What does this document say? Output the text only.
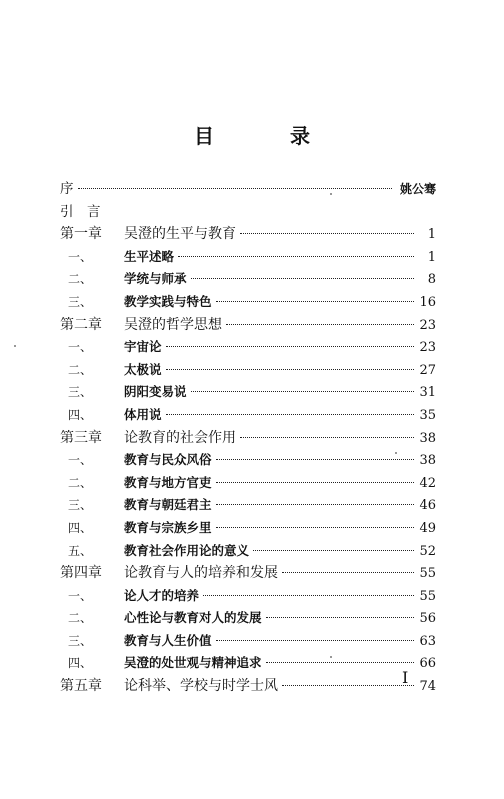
目　录
序	姚公骞
引　言
第一章	吴澄的生平与教育	1
一、	生平述略	1
二、	学统与师承	8
三、	教学实践与特色	16
第二章	吴澄的哲学思想	23
一、	宇宙论	23
二、	太极说	27
三、	阴阳变易说	31
四、	体用说	35
第三章	论教育的社会作用	38
一、	教育与民众风俗	38
二、	教育与地方官吏	42
三、	教育与朝廷君主	46
四、	教育与宗族乡里	49
五、	教育社会作用论的意义	52
第四章	论教育与人的培养和发展	55
一、	论人才的培养	55
二、	心性论与教育对人的发展	56
三、	教育与人生价值	63
四、	吴澄的处世观与精神追求	66
第五章	论科举、学校与时学士风	74
I
